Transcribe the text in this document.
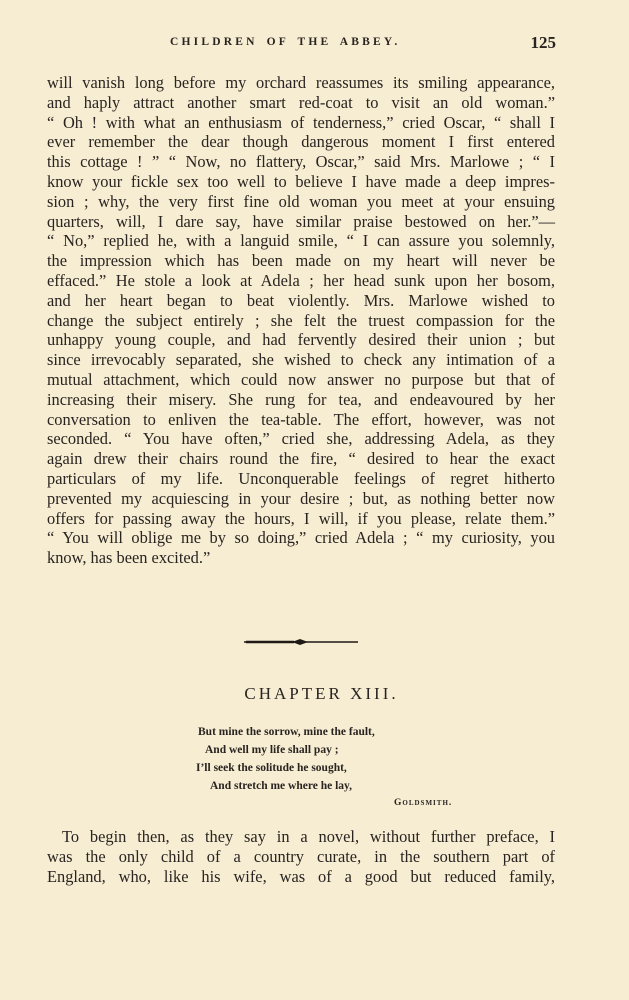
CHILDREN OF THE ABBEY.	125
will vanish long before my orchard reassumes its smiling appearance,
and haply attract another smart red-coat to visit an old woman.”
“ Oh ! with what an enthusiasm of tenderness,” cried Oscar, “ shall I
ever remember the dear though dangerous moment I first entered
this cottage ! ” “ Now, no flattery, Oscar,” said Mrs. Marlowe ; “ I
know your fickle sex too well to believe I have made a deep impres-
sion ; why, the very first fine old woman you meet at your ensuing
quarters, will, I dare say, have similar praise bestowed on her.”—
“ No,” replied he, with a languid smile, “ I can assure you solemnly,
the impression which has been made on my heart will never be
effaced.” He stole a look at Adela ; her head sunk upon her bosom,
and her heart began to beat violently. Mrs. Marlowe wished to
change the subject entirely ; she felt the truest compassion for the
unhappy young couple, and had fervently desired their union ; but
since irrevocably separated, she wished to check any intimation of a
mutual attachment, which could now answer no purpose but that of
increasing their misery. She rung for tea, and endeavoured by her
conversation to enliven the tea-table. The effort, however, was not
seconded. “ You have often,” cried she, addressing Adela, as they
again drew their chairs round the fire, “ desired to hear the exact
particulars of my life. Unconquerable feelings of regret hitherto
prevented my acquiescing in your desire ; but, as nothing better now
offers for passing away the hours, I will, if you please, relate them.”
“ You will oblige me by so doing,” cried Adela ; “ my curiosity, you
know, has been excited.”
CHAPTER XIII.
But mine the sorrow, mine the fault,
And well my life shall pay ;
I’ll seek the solitude he sought,
And stretch me where he lay,
Goldsmith.
To begin then, as they say in a novel, without further preface, I
was the only child of a country curate, in the southern part of
England, who, like his wife, was of a good but reduced family,
